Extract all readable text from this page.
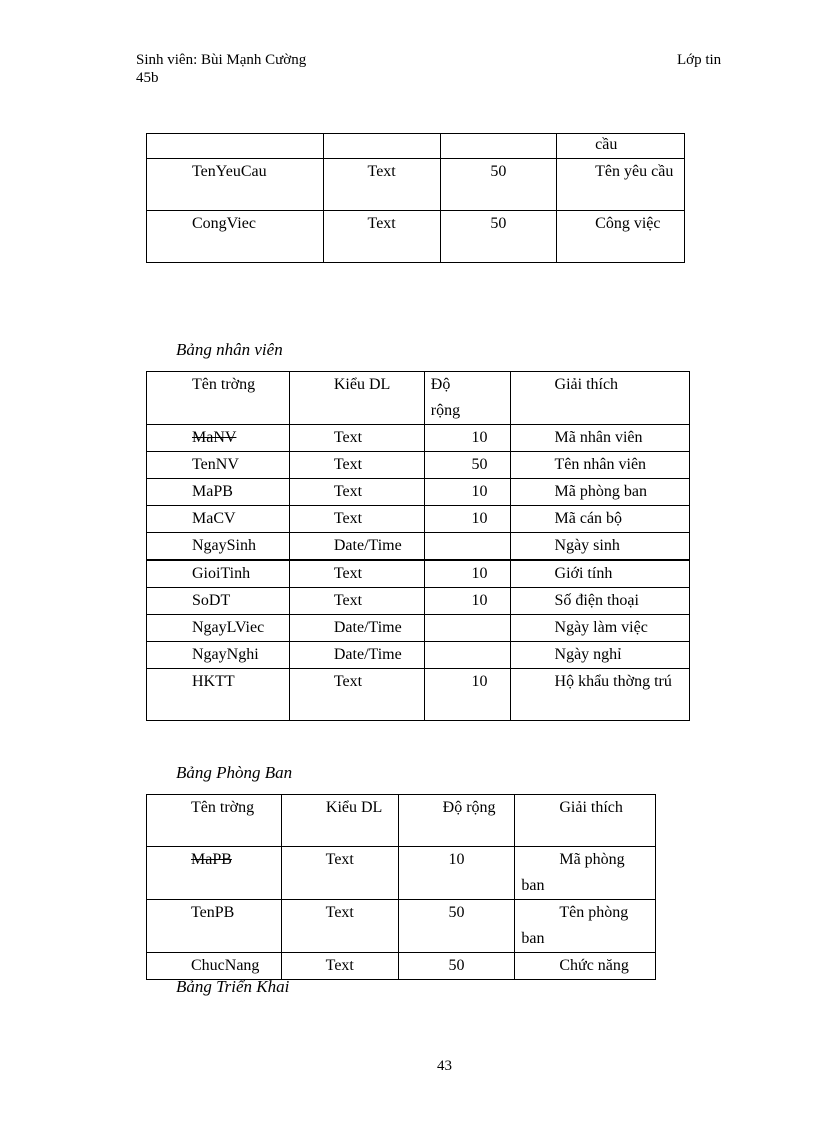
Sinh viên: Bùi Mạnh Cường	Lớp tin
45b

			cầu

TenYeuCau	Text	50	Tên yêu cầu

CongViec	Text	50	Công việc
Bảng nhân viên
Tên trờng	Kiểu DL	Độ rộng	Giải thích

MaNV	Text	10	Mã nhân viên

TenNV	Text	50	Tên nhân viên

MaPB	Text	10	Mã phòng ban

MaCV	Text	10	Mã cán bộ

NgaySinh	Date/Time		Ngày sinh

GioiTinh	Text	10	Giới tính

SoDT	Text	10	Số điện thoại

NgayLViec	Date/Time		Ngày làm việc

NgayNghi	Date/Time		Ngày nghỉ

HKTT	Text	10	Hộ khẩu thờng trú
Bảng Phòng Ban
Tên trờng	Kiểu DL	Độ rộng	Giải thích

MaPB	Text	10	Mã phòng ban

TenPB	Text	50	Tên phòng ban

ChucNang	Text	50	Chức năng
Bảng Triển Khai
43
